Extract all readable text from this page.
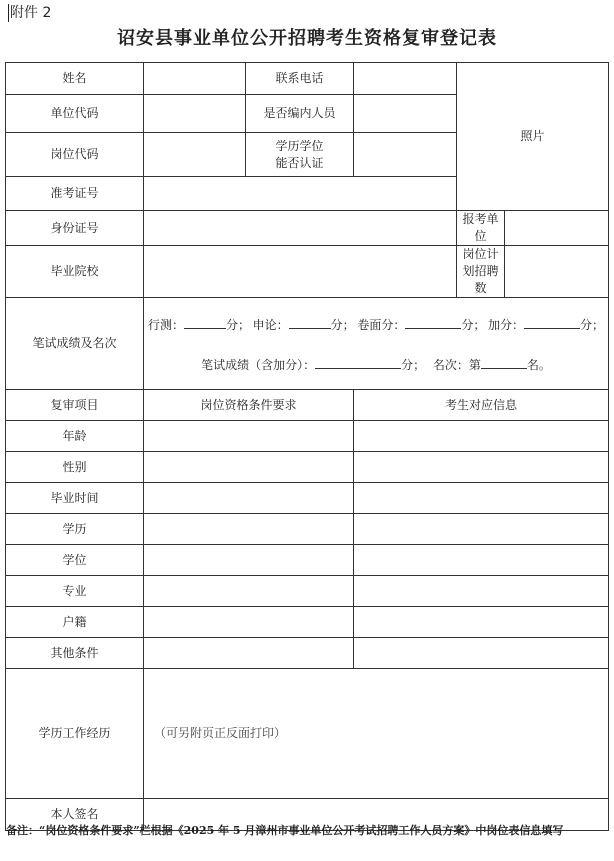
附件 2
诏安县事业单位公开招聘考生资格复审登记表
姓名		联系电话		照片	
单位代码		是否编内人员			
岗位代码		学历学位
能否认证			

准考证号					
身份证号				报考单位	
毕业院校				岗位计划招聘数	
笔试成绩及名次	行测： 分； 申论： 分； 卷面分： 分； 加分： 分；
笔试成绩（含加分）： 分； 名次：第 名。				

复审项目	岗位资格条件要求		考生对应信息		
年龄					
性别					
毕业时间					
学历					
学位					
专业					
户籍					
其他条件					
学历工作经历	（可另附页正反面打印）				
本人签名					
备注：“岗位资格条件要求”栏根据《2025 年 5 月漳州市事业单位公开考试招聘工作人员方案》中岗位表信息填写
